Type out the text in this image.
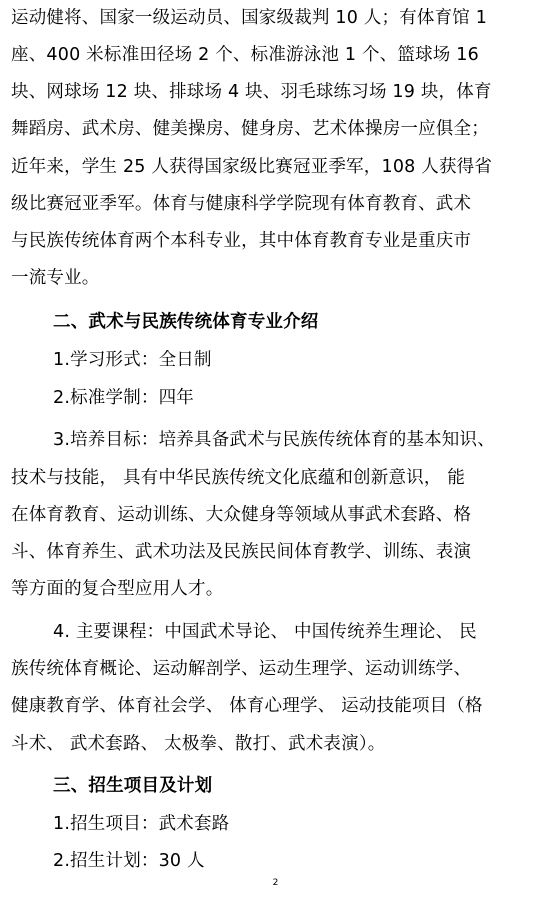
运动健将、国家一级运动员、国家级裁判 10 人；有体育馆 1
座、400 米标准田径场 2 个、标准游泳池 1 个、篮球场 16
块、网球场 12 块、排球场 4 块、羽毛球练习场 19 块，体育
舞蹈房、武术房、健美操房、健身房、艺术体操房一应俱全；
近年来，学生 25 人获得国家级比赛冠亚季军，108 人获得省
级比赛冠亚季军。体育与健康科学学院现有体育教育、武术
与民族传统体育两个本科专业，其中体育教育专业是重庆市
一流专业。
二、武术与民族传统体育专业介绍
1.学习形式：全日制
2.标准学制：四年
3.培养目标：培养具备武术与民族传统体育的基本知识、
技术与技能， 具有中华民族传统文化底蕴和创新意识， 能
在体育教育、运动训练、大众健身等领域从事武术套路、格
斗、体育养生、武术功法及民族民间体育教学、训练、表演
等方面的复合型应用人才。
4. 主要课程：中国武术导论、 中国传统养生理论、 民
族传统体育概论、运动解剖学、运动生理学、运动训练学、
健康教育学、体育社会学、 体育心理学、 运动技能项目（格
斗术、 武术套路、 太极拳、散打、武术表演）。
三、招生项目及计划
1.招生项目：武术套路
2.招生计划：30 人
2
